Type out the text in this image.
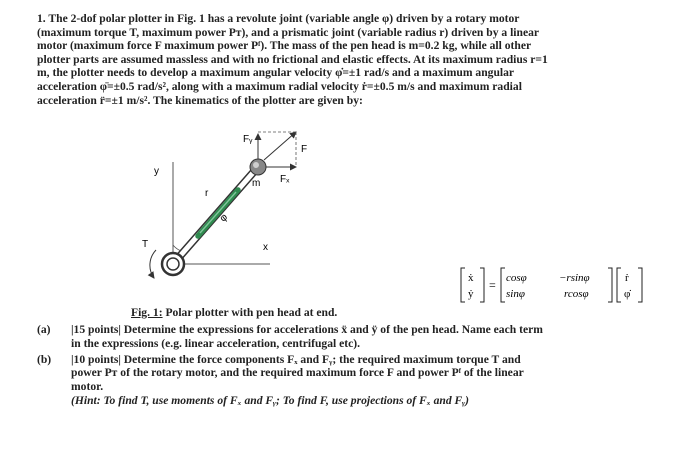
1. The 2-dof polar plotter in Fig. 1 has a revolute joint (variable angle φ) driven by a rotary motor
(maximum torque T, maximum power Pᴛ), and a prismatic joint (variable radius r) driven by a linear
motor (maximum force F maximum power Pᶠ). The mass of the pen head is m=0.2 kg, while all other
plotter parts are assumed massless and with no frictional and elastic effects. At its maximum radius r=1
m, the plotter needs to develop a maximum angular velocity φ̇=±1 rad/s and a maximum angular
acceleration φ̈=±0.5 rad/s², along with a maximum radial velocity ṙ=±0.5 m/s and maximum radial
acceleration r̈=±1 m/s². The kinematics of the plotter are given by:
y
x
T
m
Fᵧ
Fₓ
F
r
φ
ẋ
ẏ
= cosφ	−rsinφ
sinφ	rcosφ
ṙ
φ̇
Fig. 1: Polar plotter with pen head at end.
(a) |15 points| Determine the expressions for accelerations ẍ and ÿ of the pen head. Name each term
in the expressions (e.g. linear acceleration, centrifugal etc).
(b) |10 points| Determine the force components Fₓ and Fᵧ; the required maximum torque T and
power Pᴛ of the rotary motor, and the required maximum force F and power Pᶠ of the linear
motor.
(Hint: To find T, use moments of Fₓ and Fᵧ; To find F, use projections of Fₓ and Fᵧ)
